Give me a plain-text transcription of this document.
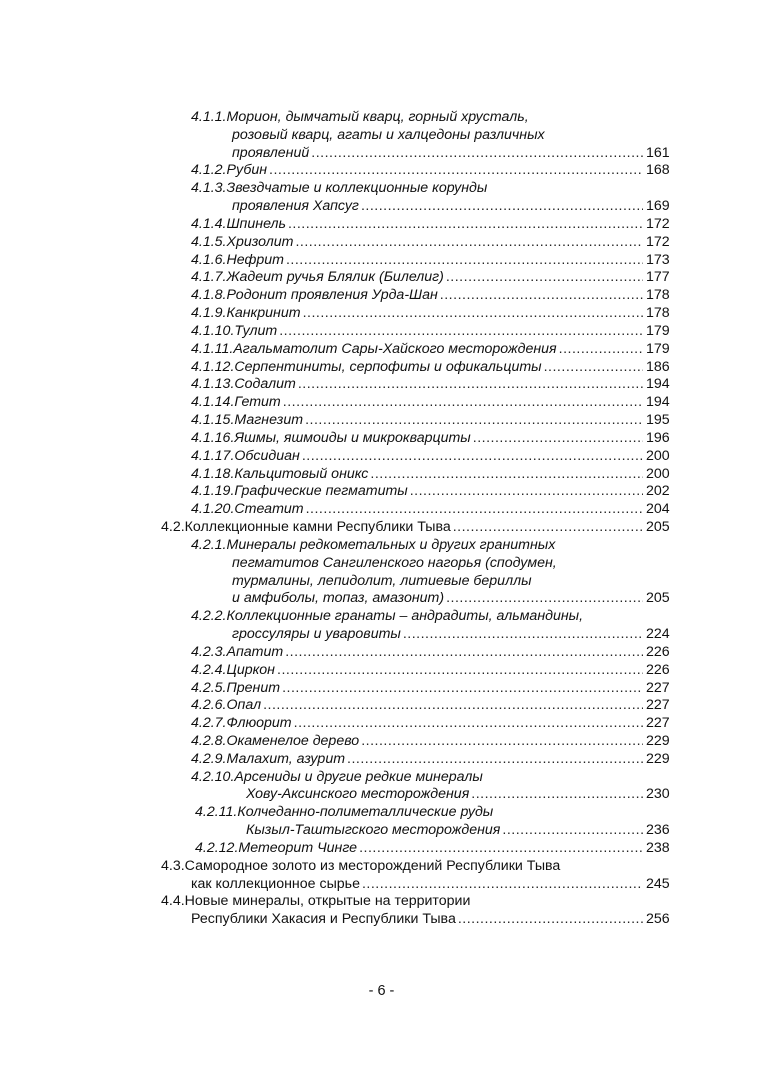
4.1.1. Морион, дымчатый кварц, горный хрусталь,
розовый кварц, агаты и халцедоны различных
проявлений .....	161
4.1.2. Рубин .....	168
4.1.3. Звездчатые и коллекционные корунды
проявления Хапсуг .....	169
4.1.4. Шпинель .....	172
4.1.5. Хризолит .....	172
4.1.6. Нефрит .....	173
4.1.7. Жадеит ручья Блялик (Билелиг) .....	177
4.1.8. Родонит проявления Урда-Шан .....	178
4.1.9. Канкринит .....	178
4.1.10. Тулит .....	179
4.1.11. Агальматолит Сары-Хайского месторождения .....	179
4.1.12. Серпентиниты, серпофиты и офикальциты .....	186
4.1.13. Содалит .....	194
4.1.14. Гетит .....	194
4.1.15. Магнезит .....	195
4.1.16. Яшмы, яшмоиды и микрокварциты .....	196
4.1.17. Обсидиан .....	200
4.1.18. Кальцитовый оникс .....	200
4.1.19. Графические пегматиты .....	202
4.1.20. Стеатит .....	204
4.2. Коллекционные камни Республики Тыва .....	205
4.2.1. Минералы редкометальных и других гранитных
пегматитов Сангиленского нагорья (сподумен,
турмалины, лепидолит, литиевые бериллы
и амфиболы, топаз, амазонит) .....	205
4.2.2. Коллекционные гранаты – андрадиты, альмандины,
гроссуляры и уваровиты .....	224
4.2.3. Апатит .....	226
4.2.4. Циркон .....	226
4.2.5. Пренит .....	227
4.2.6. Опал .....	227
4.2.7. Флюорит .....	227
4.2.8. Окаменелое дерево .....	229
4.2.9. Малахит, азурит .....	229
4.2.10. Арсениды и другие редкие минералы
Хову-Аксинского месторождения .....	230
4.2.11. Колчеданно-полиметаллические руды
Кызыл-Таштыгского месторождения .....	236
4.2.12. Метеорит Чинге .....	238
4.3. Самородное золото из месторождений Республики Тыва
как коллекционное сырье .....	245
4.4. Новые минералы, открытые на территории
Республики Хакасия и Республики Тыва .....	256
- 6 -
